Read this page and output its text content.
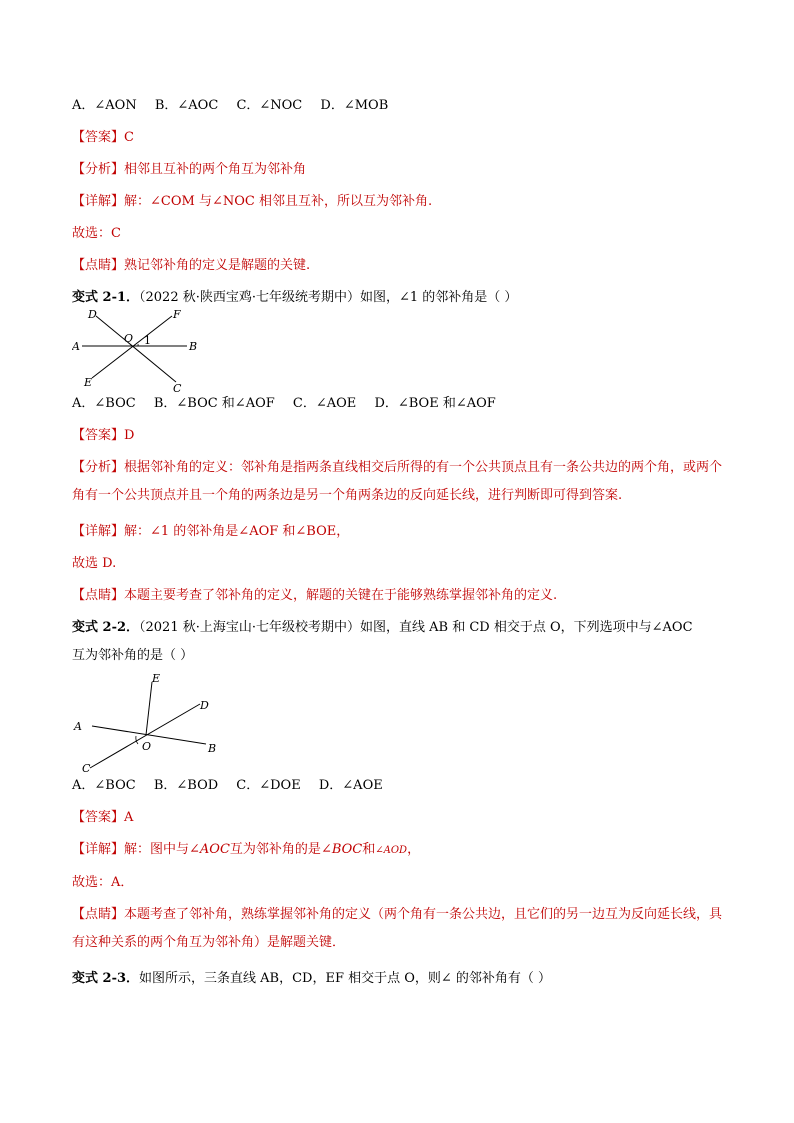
A．∠AON B．∠AOC C．∠NOC D．∠MOB
【答案】C
【分析】相邻且互补的两个角互为邻补角
【详解】解：∠COM 与∠NOC 相邻且互补，所以互为邻补角.
故选：C
【点睛】熟记邻补角的定义是解题的关键.
变式 2-1．（2022 秋·陕西宝鸡·七年级统考期中）如图，∠1 的邻补角是（ ）
D	F
O 1
A	B
E	C
A．∠BOC B．∠BOC 和∠AOF C．∠AOE D．∠BOE 和∠AOF
【答案】D
【分析】根据邻补角的定义：邻补角是指两条直线相交后所得的有一个公共顶点且有一条公共边的两个角，或两个角有一个公共顶点并且一个角的两条边是另一个角两条边的反向延长线，进行判断即可得到答案.
【详解】解：∠1 的邻补角是∠AOF 和∠BOE，
故选 D.
【点睛】本题主要考查了邻补角的定义，解题的关键在于能够熟练掌握邻补角的定义.
变式 2-2．（2021 秋·上海宝山·七年级校考期中）如图，直线 AB 和 CD 相交于点 O，下列选项中与∠AOC
互为邻补角的是（ ）
E
D
A
O	B
C
A．∠BOC B．∠BOD C．∠DOE D．∠AOE
【答案】A
【详解】解：图中与∠AOC互为邻补角的是∠BOC和∠AOD，
故选：A．
【点睛】本题考查了邻补角，熟练掌握邻补角的定义（两个角有一条公共边，且它们的另一边互为反向延长线，具有这种关系的两个角互为邻补角）是解题关键．
变式 2-3．如图所示，三条直线 AB，CD，EF 相交于点 O，则∠ 的邻补角有（ ）
